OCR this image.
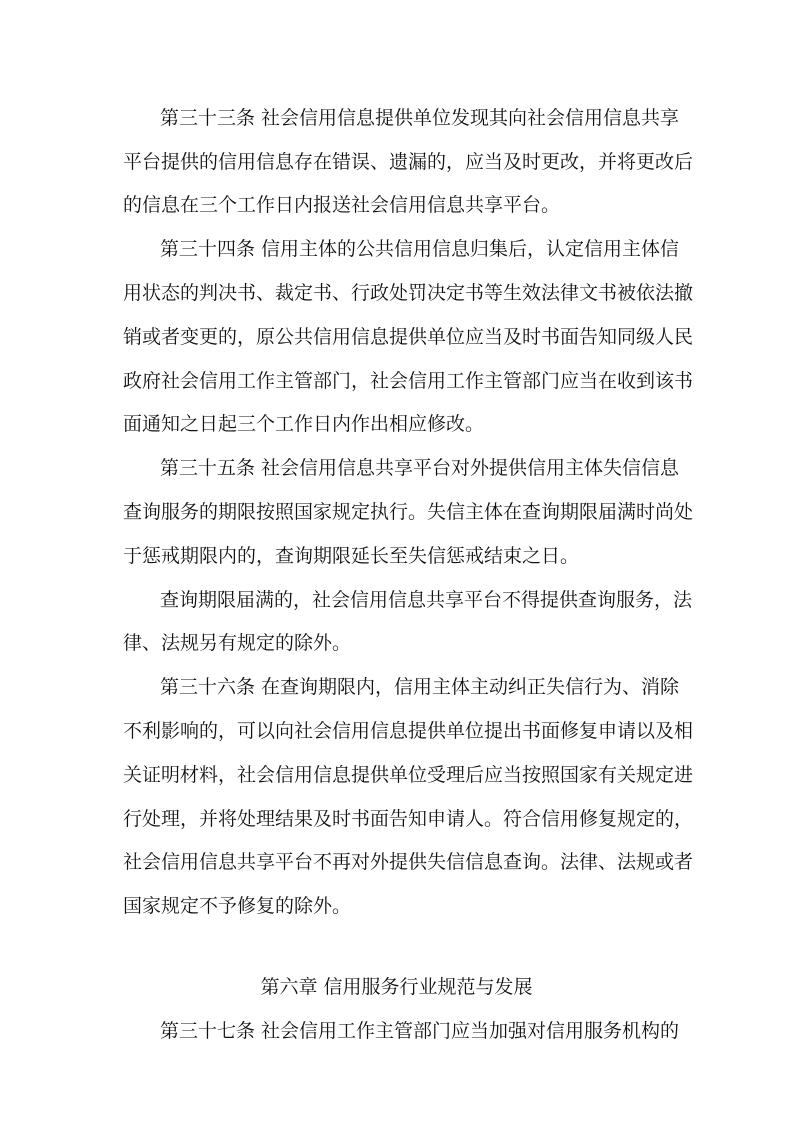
第三十三条 社会信用信息提供单位发现其向社会信用信息共享
平台提供的信用信息存在错误、遗漏的，应当及时更改，并将更改后
的信息在三个工作日内报送社会信用信息共享平台。
第三十四条 信用主体的公共信用信息归集后，认定信用主体信
用状态的判决书、裁定书、行政处罚决定书等生效法律文书被依法撤
销或者变更的，原公共信用信息提供单位应当及时书面告知同级人民
政府社会信用工作主管部门，社会信用工作主管部门应当在收到该书
面通知之日起三个工作日内作出相应修改。
第三十五条 社会信用信息共享平台对外提供信用主体失信信息
查询服务的期限按照国家规定执行。失信主体在查询期限届满时尚处
于惩戒期限内的，查询期限延长至失信惩戒结束之日。
查询期限届满的，社会信用信息共享平台不得提供查询服务，法
律、法规另有规定的除外。
第三十六条 在查询期限内，信用主体主动纠正失信行为、消除
不利影响的，可以向社会信用信息提供单位提出书面修复申请以及相
关证明材料，社会信用信息提供单位受理后应当按照国家有关规定进
行处理，并将处理结果及时书面告知申请人。符合信用修复规定的，
社会信用信息共享平台不再对外提供失信信息查询。法律、法规或者
国家规定不予修复的除外。
第六章 信用服务行业规范与发展
第三十七条 社会信用工作主管部门应当加强对信用服务机构的
